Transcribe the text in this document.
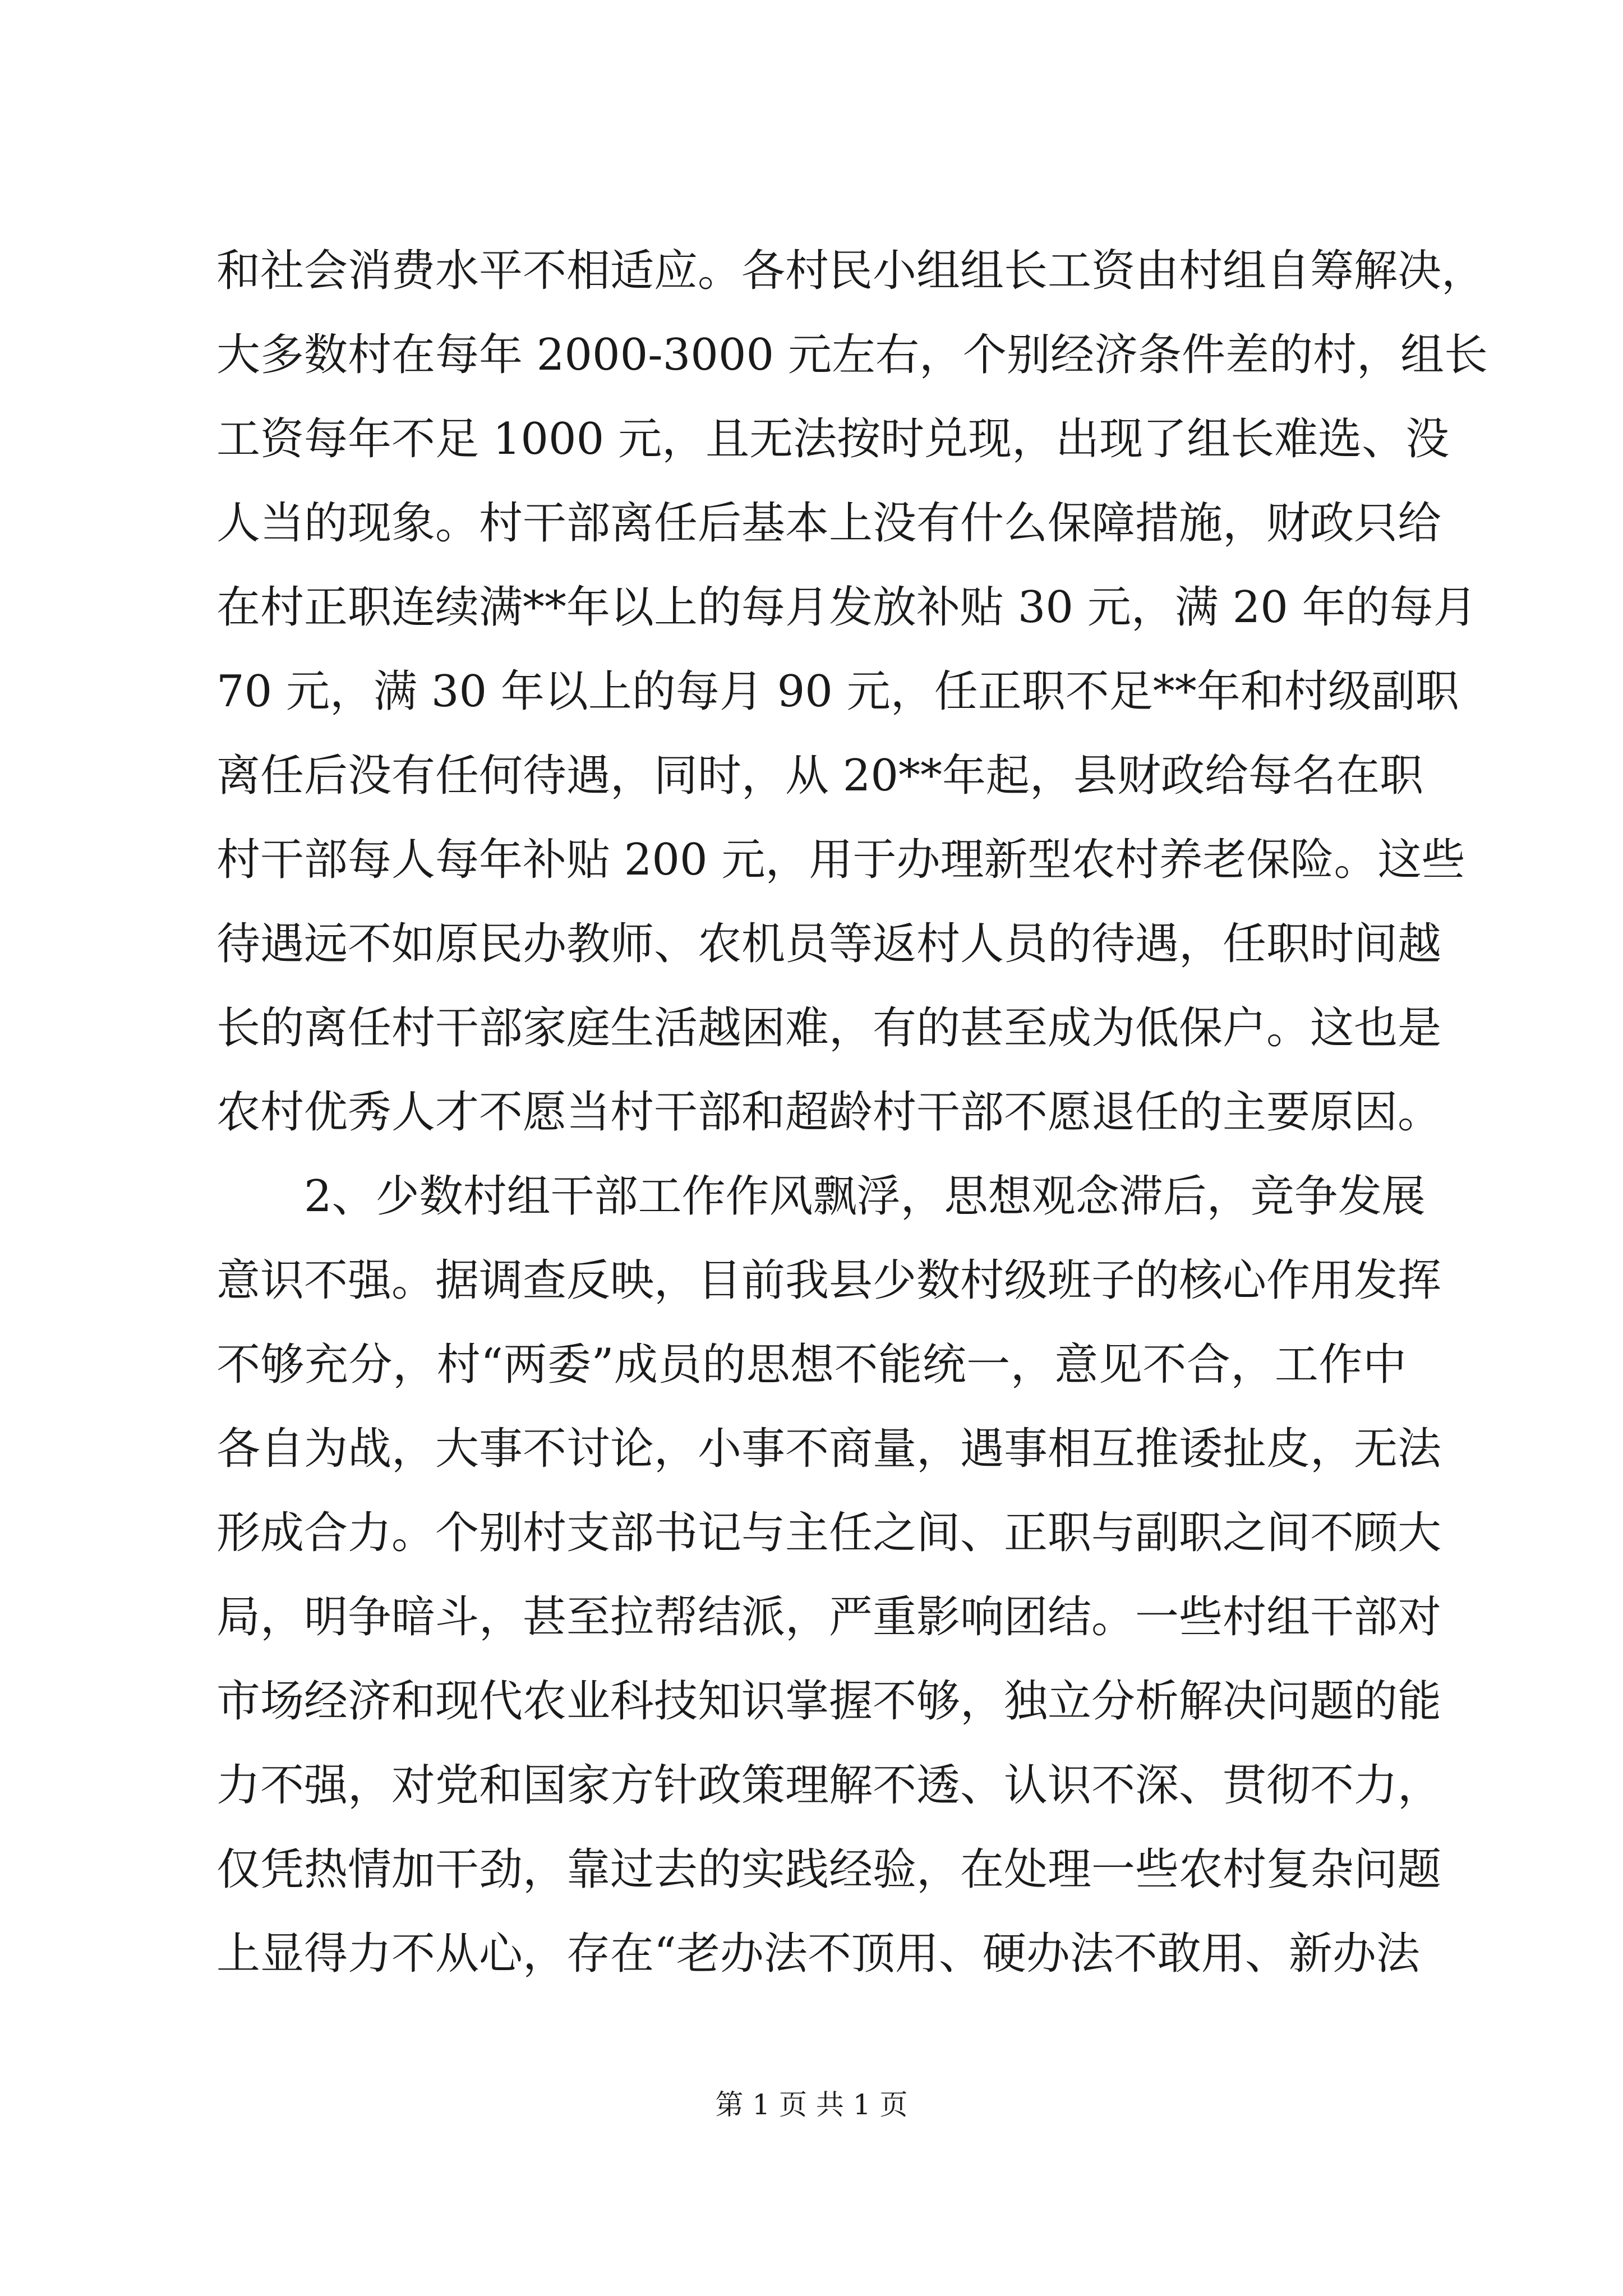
和社会消费水平不相适应。各村民小组组长工资由村组自筹解决，
大多数村在每年 2000-3000 元左右，个别经济条件差的村，组长
工资每年不足 1000 元，且无法按时兑现，出现了组长难选、没
人当的现象。村干部离任后基本上没有什么保障措施，财政只给
在村正职连续满**年以上的每月发放补贴 30 元，满 20 年的每月
70 元，满 30 年以上的每月 90 元，任正职不足**年和村级副职
离任后没有任何待遇，同时，从 20**年起，县财政给每名在职
村干部每人每年补贴 200 元，用于办理新型农村养老保险。这些
待遇远不如原民办教师、农机员等返村人员的待遇，任职时间越
长的离任村干部家庭生活越困难，有的甚至成为低保户。这也是
农村优秀人才不愿当村干部和超龄村干部不愿退任的主要原因。
2、少数村组干部工作作风飘浮，思想观念滞后，竞争发展
意识不强。据调查反映，目前我县少数村级班子的核心作用发挥
不够充分，村“两委”成员的思想不能统一，意见不合，工作中
各自为战，大事不讨论，小事不商量，遇事相互推诿扯皮，无法
形成合力。个别村支部书记与主任之间、正职与副职之间不顾大
局，明争暗斗，甚至拉帮结派，严重影响团结。一些村组干部对
市场经济和现代农业科技知识掌握不够，独立分析解决问题的能
力不强，对党和国家方针政策理解不透、认识不深、贯彻不力，
仅凭热情加干劲，靠过去的实践经验，在处理一些农村复杂问题
上显得力不从心，存在“老办法不顶用、硬办法不敢用、新办法
第 1 页 共 1 页
